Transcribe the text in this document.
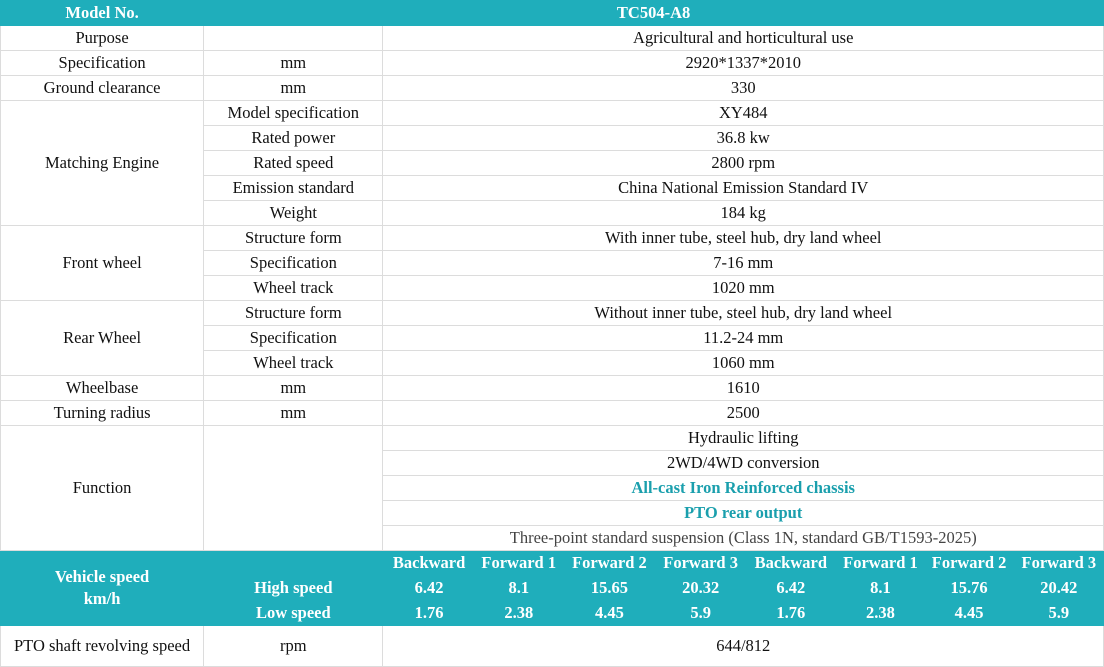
Model No.	TC504-A8								
Purpose		Agricultural and horticultural use							
Specification	mm	2920*1337*2010							
Ground clearance	mm	330							
Matching Engine	Model specification	XY484							
	Rated power	36.8 kw							
	Rated speed	2800 rpm							
	Emission standard	China National Emission Standard IV							
	Weight	184 kg							
Front wheel	Structure form	With inner tube, steel hub, dry land wheel							
	Specification	7-16 mm							
	Wheel track	1020 mm							
Rear Wheel	Structure form	Without inner tube, steel hub, dry land wheel							
	Specification	11.2-24 mm							
	Wheel track	1060 mm							
Wheelbase	mm	1610							
Turning radius	mm	2500							
Function		Hydraulic lifting							
		2WD/4WD conversion							
		All-cast Iron Reinforced chassis							
		PTO rear output							
		Three-point standard suspension (Class 1N, standard GB/T1593-2025)							
Vehicle speed
km/h		Backward	Forward 1	Forward 2	Forward 3	Backward	Forward 1	Forward 2	Forward 3
	High speed	6.42	8.1	15.65	20.32	6.42	8.1	15.76	20.42
	Low speed	1.76	2.38	4.45	5.9	1.76	2.38	4.45	5.9
PTO shaft revolving speed	rpm	644/812							
